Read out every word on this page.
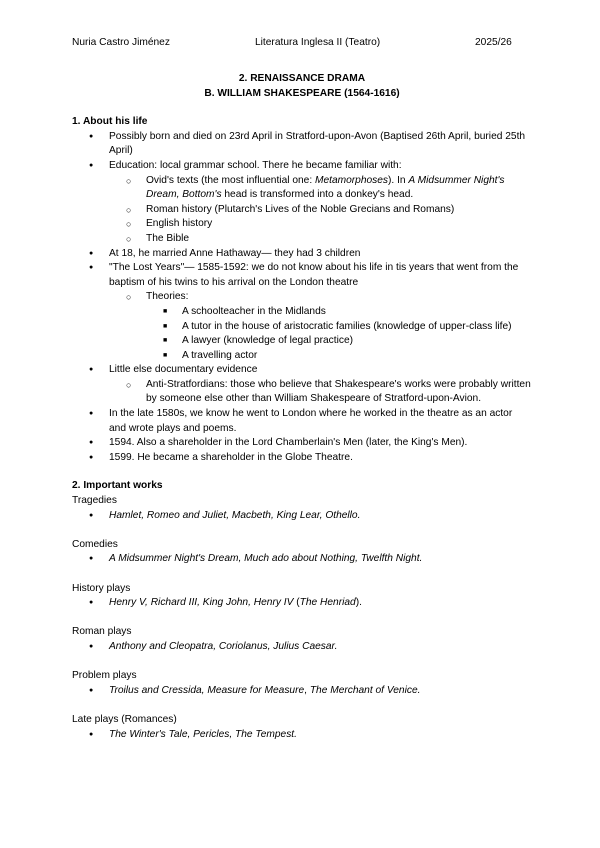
Nuria Castro Jiménez	Literatura Inglesa II (Teatro)	2025/26
2. RENAISSANCE DRAMA
B. WILLIAM SHAKESPEARE (1564-1616)
1. About his life
● Possibly born and died on 23rd April in Stratford-upon-Avon (Baptised 26th April, buried 25th April)
● Education: local grammar school. There he became familiar with:
○ Ovid's texts (the most influential one: Metamorphoses). In A Midsummer Night's Dream, Bottom's head is transformed into a donkey's head.
○ Roman history (Plutarch's Lives of the Noble Grecians and Romans)
○ English history
○ The Bible
● At 18, he married Anne Hathaway— they had 3 children
● "The Lost Years"— 1585-1592: we do not know about his life in tis years that went from the baptism of his twins to his arrival on the London theatre
○ Theories:
■ A schoolteacher in the Midlands
■ A tutor in the house of aristocratic families (knowledge of upper-class life)
■ A lawyer (knowledge of legal practice)
■ A travelling actor
● Little else documentary evidence
○ Anti-Stratfordians: those who believe that Shakespeare's works were probably written by someone else other than William Shakespeare of Stratford-upon-Avion.
● In the late 1580s, we know he went to London where he worked in the theatre as an actor and wrote plays and poems.
● 1594. Also a shareholder in the Lord Chamberlain's Men (later, the King's Men).
● 1599. He became a shareholder in the Globe Theatre.
2. Important works
Tragedies
● Hamlet, Romeo and Juliet, Macbeth, King Lear, Othello.
Comedies
● A Midsummer Night's Dream, Much ado about Nothing, Twelfth Night.
History plays
● Henry V, Richard III, King John, Henry IV (The Henriad).
Roman plays
● Anthony and Cleopatra, Coriolanus, Julius Caesar.
Problem plays
● Troilus and Cressida, Measure for Measure, The Merchant of Venice.
Late plays (Romances)
● The Winter's Tale, Pericles, The Tempest.
